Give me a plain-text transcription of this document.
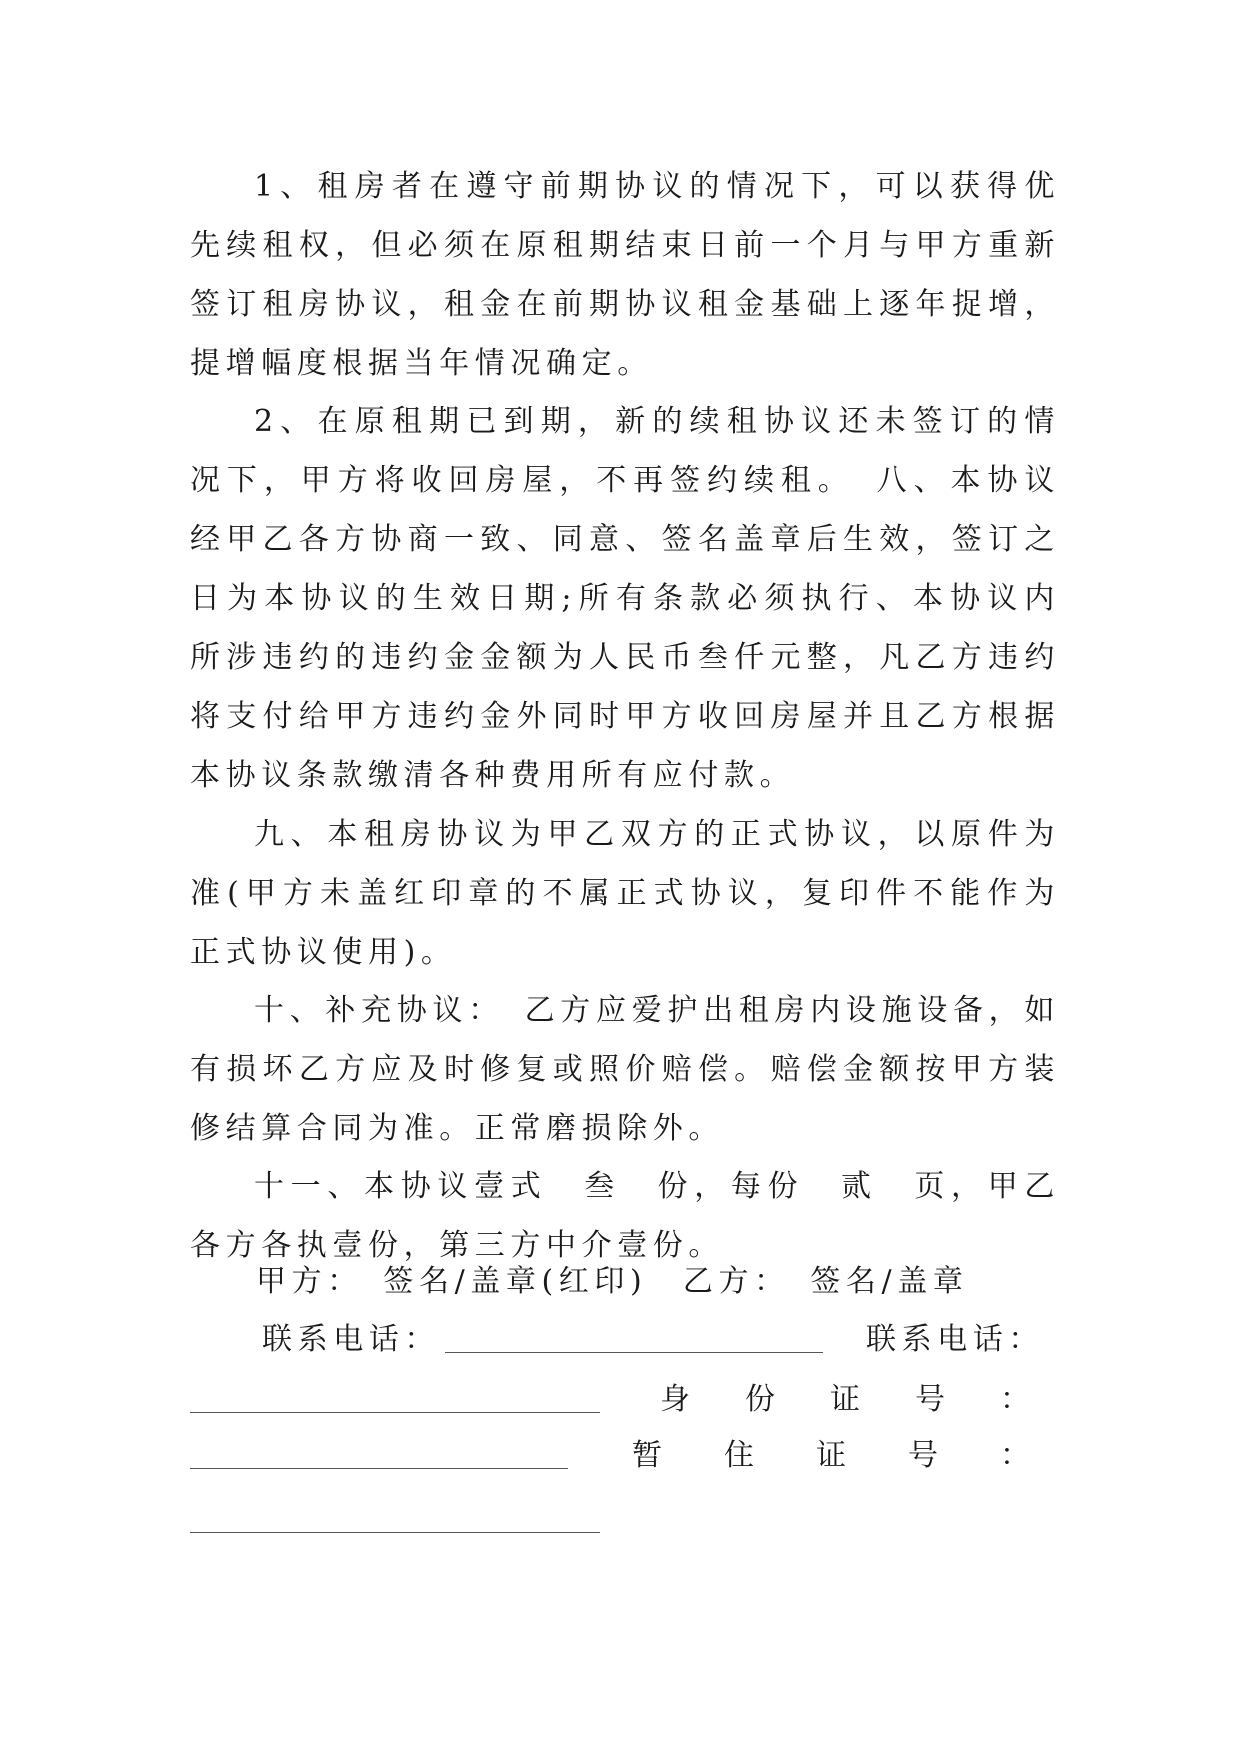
1、租房者在遵守前期协议的情况下，可以获得优先续租权，但必须在原租期结束日前一个月与甲方重新签订租房协议，租金在前期协议租金基础上逐年捉增，提增幅度根据当年情况确定。

2、在原租期已到期，新的续租协议还未签订的情况下，甲方将收回房屋，不再签约续租。　八、本协议经甲乙各方协商一致、同意、签名盖章后生效，签订之日为本协议的生效日期;所有条款必须执行、本协议内所涉违约的违约金金额为人民币叁仟元整，凡乙方违约将支付给甲方违约金外同时甲方收回房屋并且乙方根据本协议条款缴清各种费用所有应付款。

九、本租房协议为甲乙双方的正式协议，以原件为准(甲方未盖红印章的不属正式协议，复印件不能作为正式协议使用)。

十、补充协议：　乙方应爱护出租房内设施设备，如有损坏乙方应及时修复或照价赔偿。赔偿金额按甲方装修结算合同为准。正常磨损除外。

十一、本协议壹式　叁　份，每份　贰　页，甲乙各方各执壹份，第三方中介壹份。

甲方：　签名/盖章(红印)　乙方：　签名/盖章
联系电话：	联系电话：
身 份 证 号 ：
暂 住 证 号 ：
